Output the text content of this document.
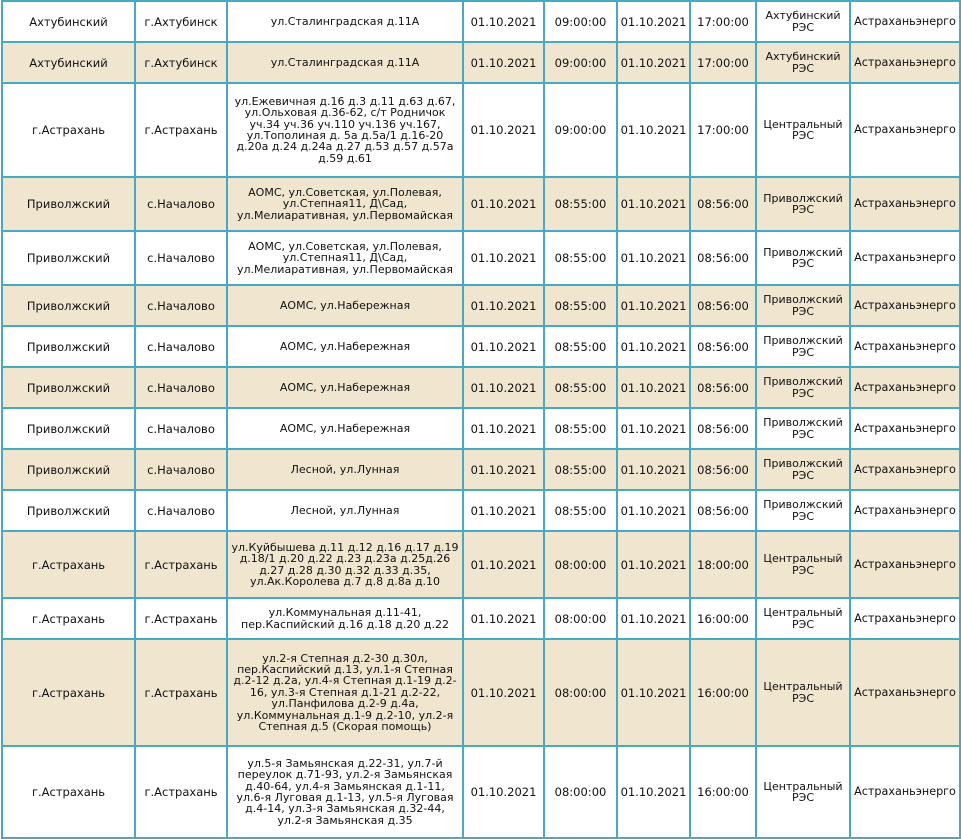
Ахтубинский	г.Ахтубинск	ул.Сталинградская д.11А	01.10.2021	09:00:00	01.10.2021	17:00:00	Ахтубинский РЭС	Астраханьэнерго
Ахтубинский	г.Ахтубинск	ул.Сталинградская д.11А	01.10.2021	09:00:00	01.10.2021	17:00:00	Ахтубинский РЭС	Астраханьэнерго
г.Астрахань	г.Астрахань	ул.Ежевичная д.16 д.3 д.11 д.63 д.67, ул.Ольховая д.36-62, с/т Родничок уч.34 уч.36 уч.110 уч.136 уч.167, ул.Тополиная д. 5а д.5а/1 д.16-20 д.20а д.24 д.24а д.27 д.53 д.57 д.57а д.59 д.61	01.10.2021	09:00:00	01.10.2021	17:00:00	Центральный РЭС	Астраханьэнерго
Приволжский	с.Началово	АОМС, ул.Советская, ул.Полевая, ул.Степная11, Д\Сад, ул.Мелиаративная, ул.Первомайская	01.10.2021	08:55:00	01.10.2021	08:56:00	Приволжский РЭС	Астраханьэнерго
Приволжский	с.Началово	АОМС, ул.Советская, ул.Полевая, ул.Степная11, Д\Сад, ул.Мелиаративная, ул.Первомайская	01.10.2021	08:55:00	01.10.2021	08:56:00	Приволжский РЭС	Астраханьэнерго
Приволжский	с.Началово	АОМС, ул.Набережная	01.10.2021	08:55:00	01.10.2021	08:56:00	Приволжский РЭС	Астраханьэнерго
Приволжский	с.Началово	АОМС, ул.Набережная	01.10.2021	08:55:00	01.10.2021	08:56:00	Приволжский РЭС	Астраханьэнерго
Приволжский	с.Началово	АОМС, ул.Набережная	01.10.2021	08:55:00	01.10.2021	08:56:00	Приволжский РЭС	Астраханьэнерго
Приволжский	с.Началово	АОМС, ул.Набережная	01.10.2021	08:55:00	01.10.2021	08:56:00	Приволжский РЭС	Астраханьэнерго
Приволжский	с.Началово	Лесной, ул.Лунная	01.10.2021	08:55:00	01.10.2021	08:56:00	Приволжский РЭС	Астраханьэнерго
Приволжский	с.Началово	Лесной, ул.Лунная	01.10.2021	08:55:00	01.10.2021	08:56:00	Приволжский РЭС	Астраханьэнерго
г.Астрахань	г.Астрахань	ул.Куйбышева д.11 д.12 д.16 д.17 д.19 д.18/1 д.20 д.22 д.23 д.23а д.25д.26 д.27 д.28 д.30 д.32 д.33 д.35, ул.Ак.Королева д.7 д.8 д.8а д.10	01.10.2021	08:00:00	01.10.2021	18:00:00	Центральный РЭС	Астраханьэнерго
г.Астрахань	г.Астрахань	ул.Коммунальная д.11-41, пер.Каспийский д.16 д.18 д.20 д.22	01.10.2021	08:00:00	01.10.2021	16:00:00	Центральный РЭС	Астраханьэнерго
г.Астрахань	г.Астрахань	ул.2-я Степная д.2-30 д.30л, пер.Каспийский д.13, ул.1-я Степная д.2-12 д.2а, ул.4-я Степная д.1-19 д.2-16, ул.3-я Степная д.1-21 д.2-22, ул.Панфилова д.2-9 д.4а, ул.Коммунальная д.1-9 д.2-10, ул.2-я Степная д.5 (Скорая помощь)	01.10.2021	08:00:00	01.10.2021	16:00:00	Центральный РЭС	Астраханьэнерго
г.Астрахань	г.Астрахань	ул.5-я Замьянская д.22-31, ул.7-й переулок д.71-93, ул.2-я Замьянская д.40-64, ул.4-я Замьянская д.1-11, ул.6-я Луговая д.1-13, ул.5-я Луговая д.4-14, ул.3-я Замьянская д.32-44, ул.2-я Замьянская д.35	01.10.2021	08:00:00	01.10.2021	16:00:00	Центральный РЭС	Астраханьэнерго
